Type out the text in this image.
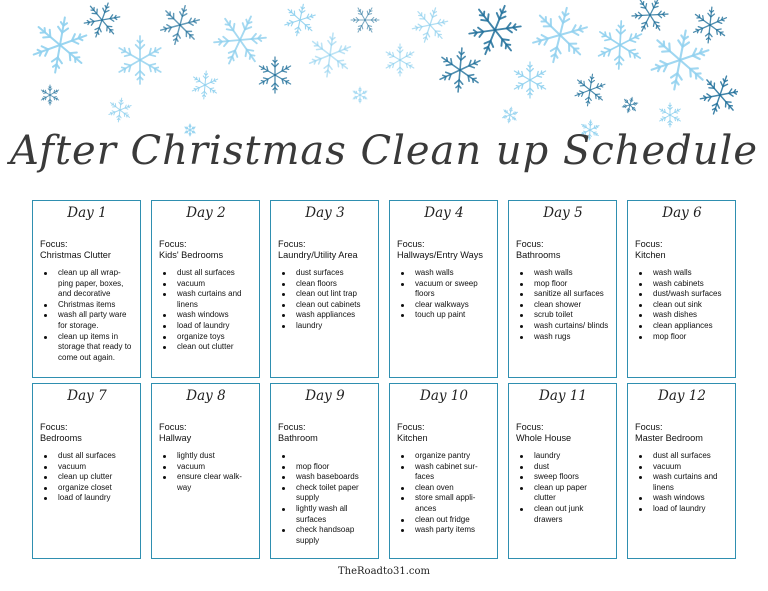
After Christmas Clean up Schedule
Day 1
Focus:
Christmas Clutter
clean up all wrap-ping paper, boxes, and decorative
Christmas items
wash all party ware for storage.
clean up items in storage that ready to come out again.
Day 2
Focus:
Kids' Bedrooms
dust all surfaces
vacuum
wash curtains and linens
wash windows
load of laundry
organize toys
clean out clutter
Day 3
Focus:
Laundry/Utility Area
dust surfaces
clean floors
clean out lint trap
clean out cabinets
wash appliances
laundry
Day 4
Focus:
Hallways/Entry Ways
wash walls
vacuum or sweep floors
clear walkways
touch up paint
Day 5
Focus:
Bathrooms
wash walls
mop floor
sanitize all surfaces
clean shower
scrub toilet
wash curtains/ blinds
wash rugs
Day 6
Focus:
Kitchen
wash walls
wash cabinets
dust/wash surfaces
clean out sink
wash dishes
clean appliances
mop floor
Day 7
Focus:
Bedrooms
dust all surfaces
vacuum
clean up clutter
organize closet
load of laundry
Day 8
Focus:
Hallway
lightly dust
vacuum
ensure clear walk-way
Day 9
Focus:
Bathroom
mop floor
wash baseboards
check toilet paper supply
lightly wash all surfaces
check handsoap supply
Day 10
Focus:
Kitchen
organize pantry
wash cabinet sur-faces
clean oven
store small appli-ances
clean out fridge
wash party items
Day 11
Focus:
Whole House
laundry
dust
sweep floors
clean up paper clutter
clean out junk drawers
Day 12
Focus:
Master Bedroom
dust all surfaces
vacuum
wash curtains and linens
wash windows
load of laundry
TheRoadto31.com
